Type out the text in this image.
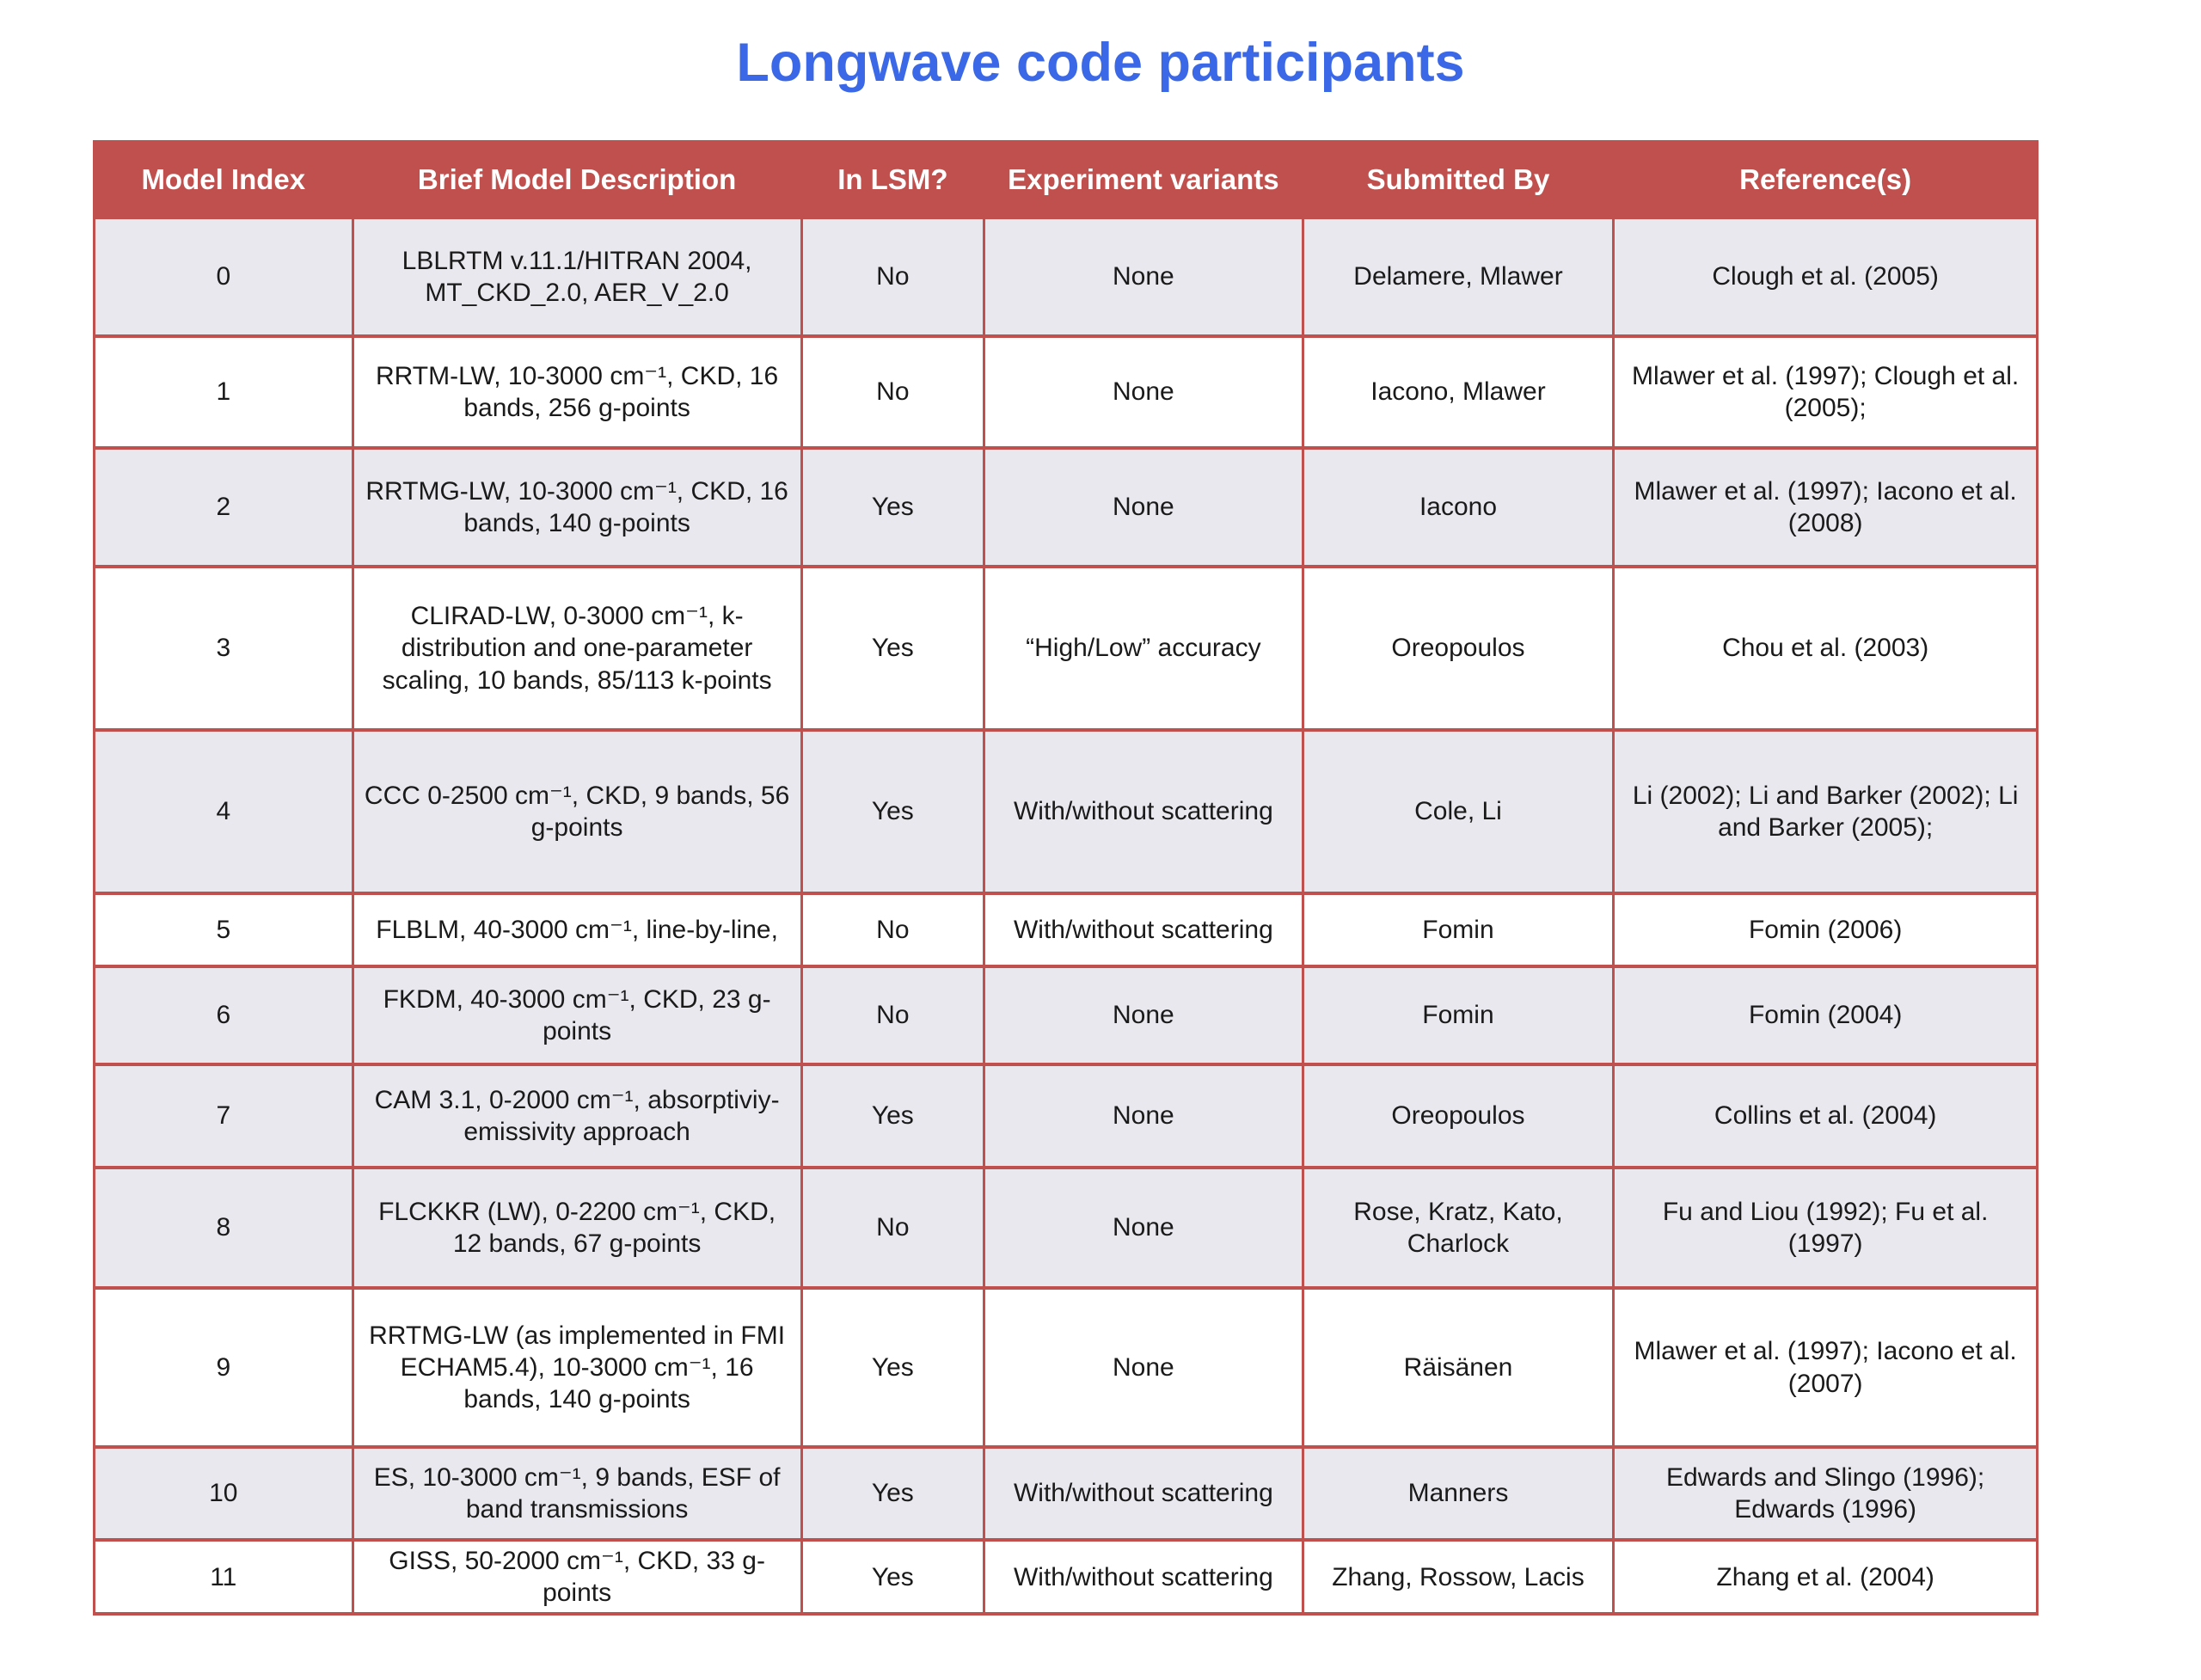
Longwave code participants
Model Index	Brief Model Description	In LSM?	Experiment variants	Submitted By	Reference(s)
0	LBLRTM v.11.1/HITRAN 2004, MT_CKD_2.0, AER_V_2.0	No	None	Delamere, Mlawer	Clough et al. (2005)
1	RRTM-LW, 10-3000 cm⁻¹, CKD, 16 bands, 256 g-points	No	None	Iacono, Mlawer	Mlawer et al. (1997); Clough et al. (2005);
2	RRTMG-LW, 10-3000 cm⁻¹, CKD, 16 bands, 140 g-points	Yes	None	Iacono	Mlawer et al. (1997); Iacono et al. (2008)
3	CLIRAD-LW, 0-3000 cm⁻¹, k-distribution and one-parameter scaling, 10 bands, 85/113 k-points	Yes	“High/Low” accuracy	Oreopoulos	Chou et al. (2003)
4	CCC 0-2500 cm⁻¹, CKD, 9 bands, 56 g-points	Yes	With/without scattering	Cole, Li	Li (2002); Li and Barker (2002); Li and Barker (2005);
5	FLBLM, 40-3000 cm⁻¹, line-by-line,	No	With/without scattering	Fomin	Fomin (2006)
6	FKDM, 40-3000 cm⁻¹, CKD, 23 g-points	No	None	Fomin	Fomin (2004)
7	CAM 3.1, 0-2000 cm⁻¹, absorptiviy-emissivity approach	Yes	None	Oreopoulos	Collins et al. (2004)
8	FLCKKR (LW), 0-2200 cm⁻¹, CKD, 12 bands, 67 g-points	No	None	Rose, Kratz, Kato, Charlock	Fu and Liou (1992); Fu et al. (1997)
9	RRTMG-LW (as implemented in FMI ECHAM5.4), 10-3000 cm⁻¹, 16 bands, 140 g-points	Yes	None	Räisänen	Mlawer et al. (1997); Iacono et al. (2007)
10	ES, 10-3000 cm⁻¹, 9 bands, ESF of band transmissions	Yes	With/without scattering	Manners	Edwards and Slingo (1996); Edwards (1996)
11	GISS, 50-2000 cm⁻¹, CKD, 33 g-points	Yes	With/without scattering	Zhang, Rossow, Lacis	Zhang et al. (2004)
